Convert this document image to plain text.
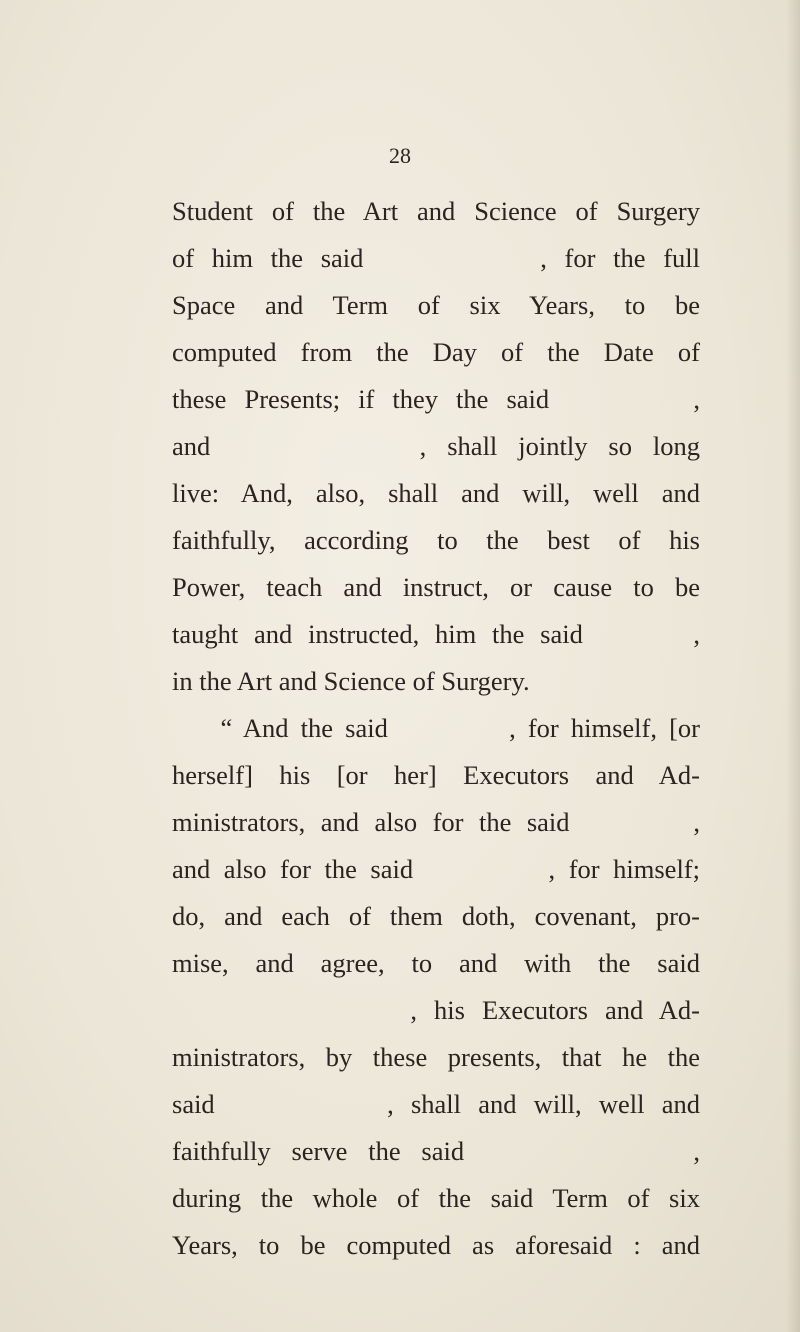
28
Student of the Art and Science of Surgery
of him the said          , for the full
Space and Term of six Years, to be
computed from the Day of the Date of
these Presents; if they the said        ,
and          , shall jointly so long
live: And, also, shall and will, well and
faithfully, according to the best of his
Power, teach and instruct, or cause to be
taught and instructed, him the said       ,
in the Art and Science of Surgery.
“ And the said          , for himself, [or
herself] his [or her] Executors and Ad-
ministrators, and also for the said        ,
and also for the said          , for himself;
do, and each of them doth, covenant, pro-
mise, and agree, to and with the said
, his Executors and Ad-
ministrators, by these presents, that he the
said          , shall and will, well and
faithfully serve the said           ,
during the whole of the said Term of six
Years, to be computed as aforesaid : and
